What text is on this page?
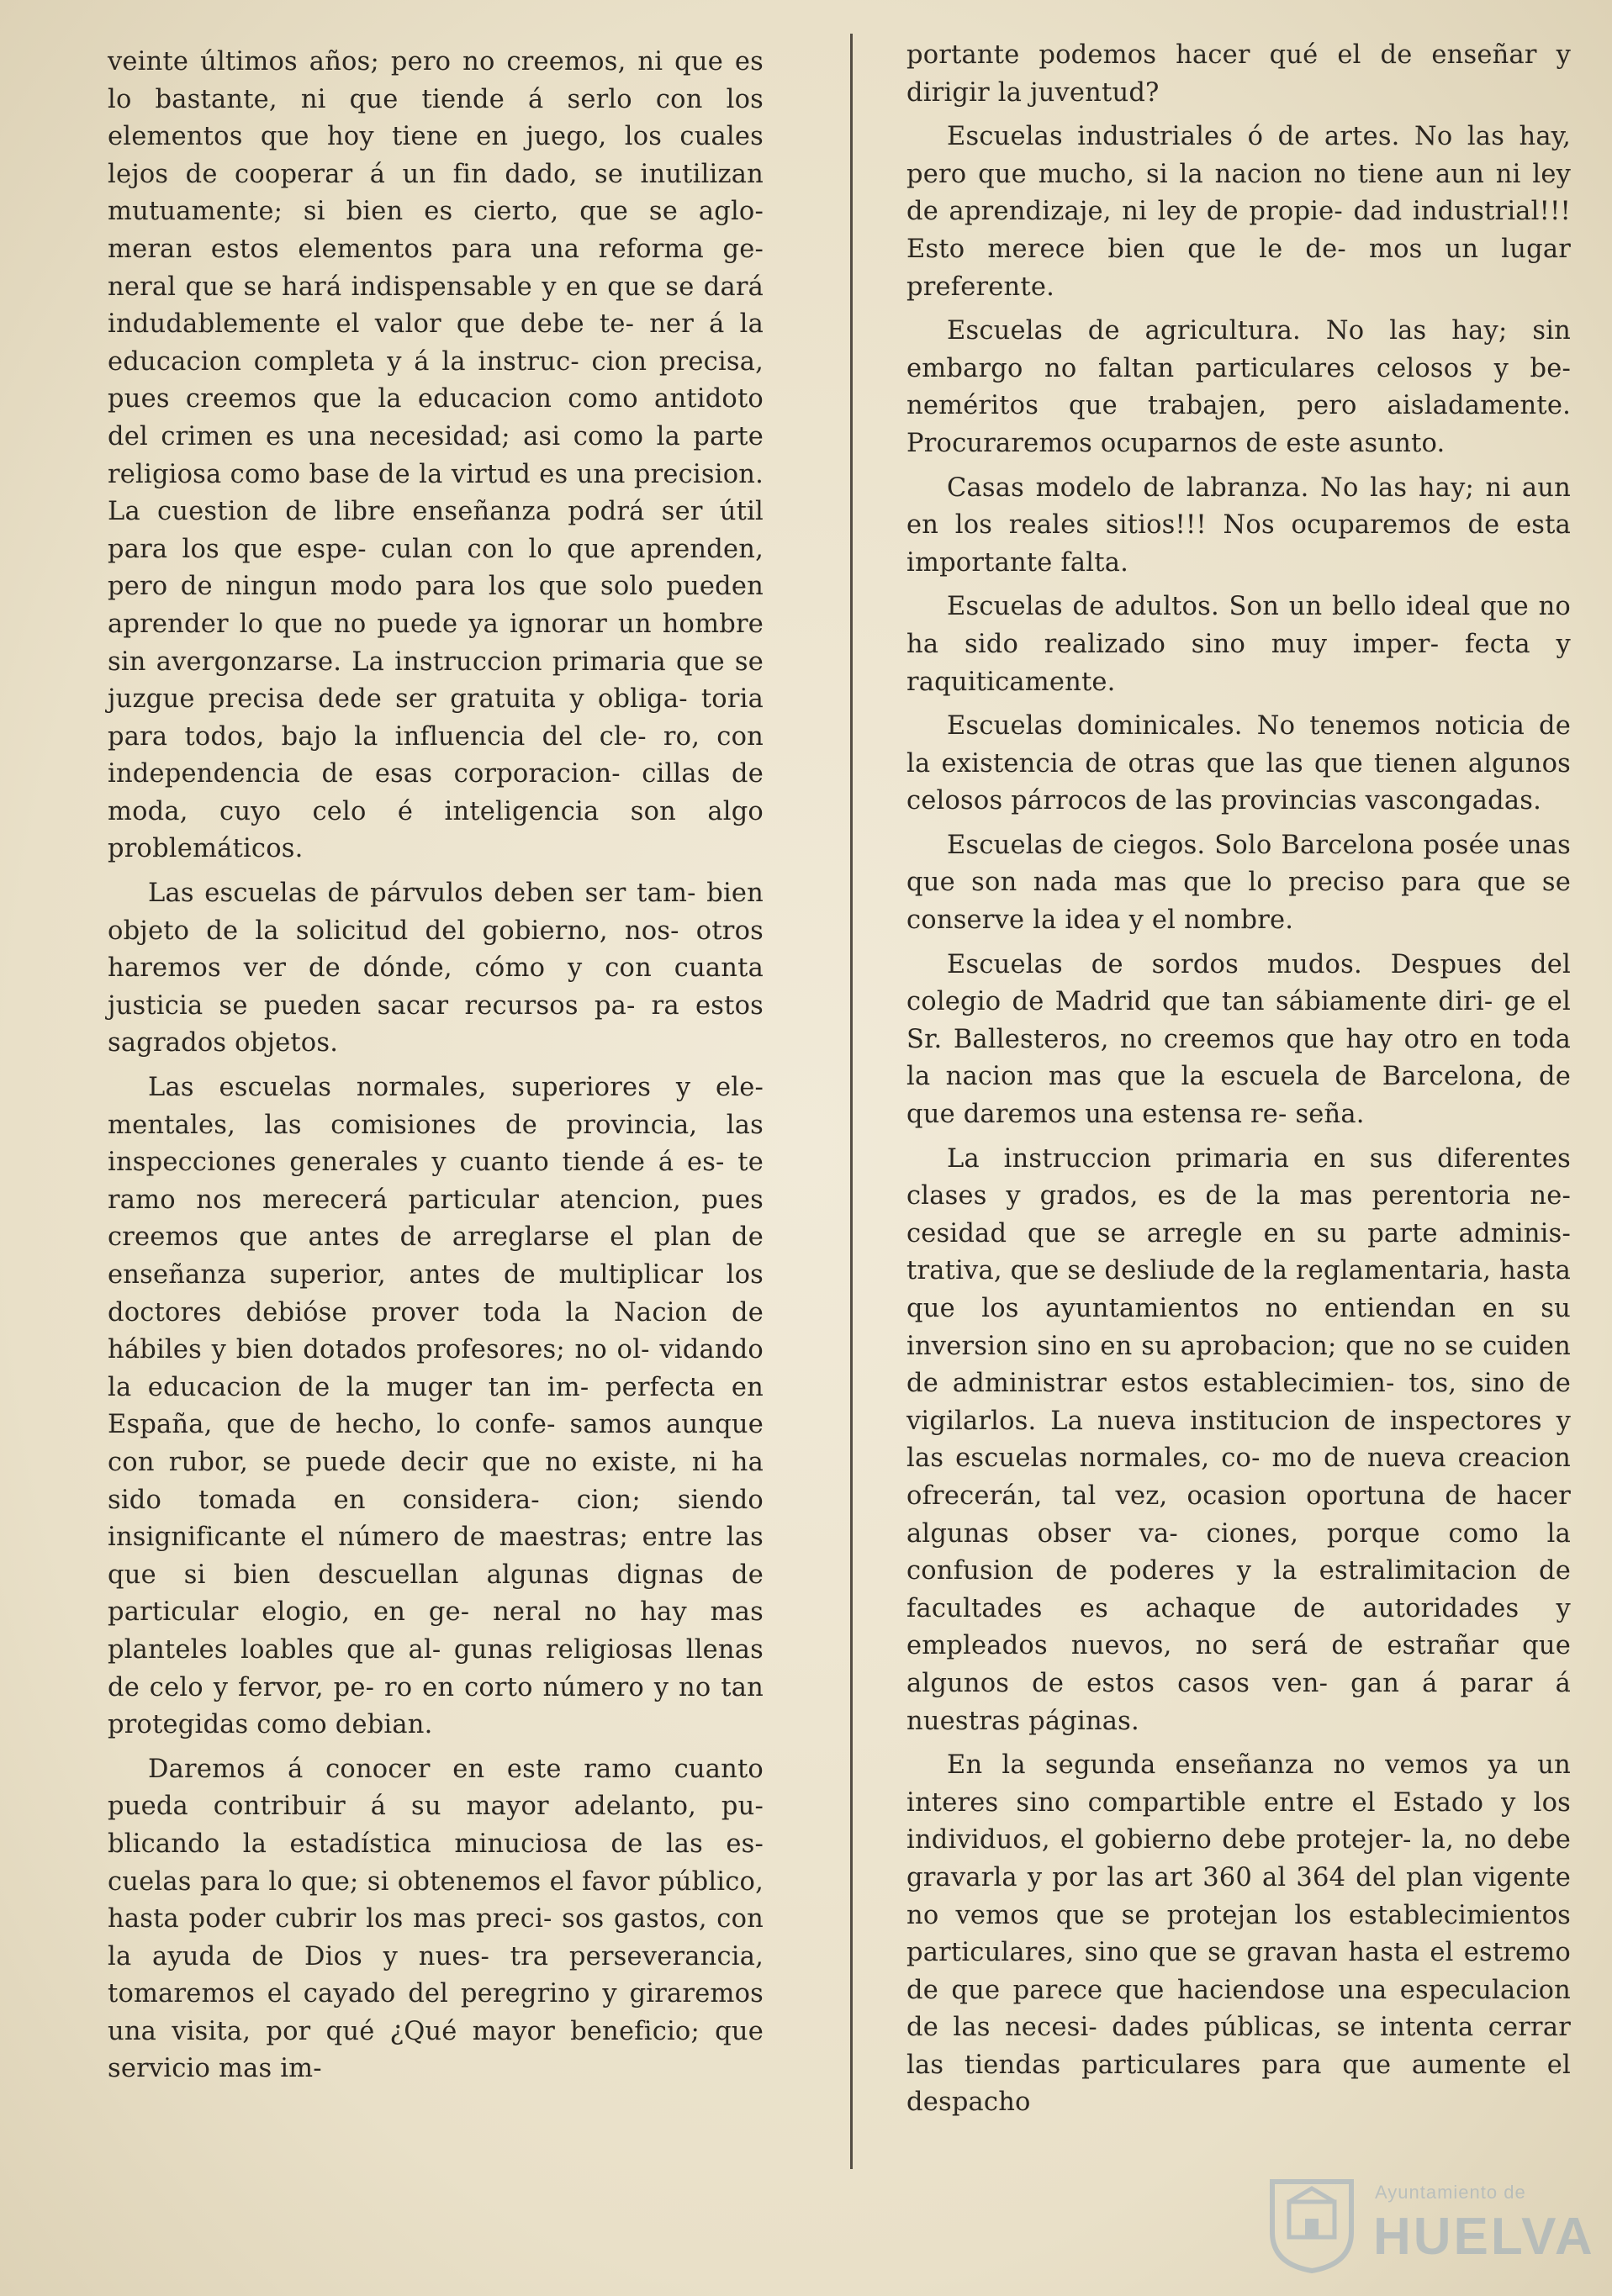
veinte últimos años; pero no creemos, ni que es lo bastante, ni que tiende á serlo con los elementos que hoy tiene en juego, los cuales lejos de cooperar á un fin dado, se inutilizan mutuamente; si bien es cierto, que se aglo- meran estos elementos para una reforma ge- neral que se hará indispensable y en que se dará indudablemente el valor que debe te- ner á la educacion completa y á la instruc- cion precisa, pues creemos que la educacion como antidoto del crimen es una necesidad; asi como la parte religiosa como base de la virtud es una precision. La cuestion de libre enseñanza podrá ser útil para los que espe- culan con lo que aprenden, pero de ningun modo para los que solo pueden aprender lo que no puede ya ignorar un hombre sin avergonzarse. La instruccion primaria que se juzgue precisa dede ser gratuita y obliga- toria para todos, bajo la influencia del cle- ro, con independencia de esas corporacion- cillas de moda, cuyo celo é inteligencia son algo problemáticos.

Las escuelas de párvulos deben ser tam- bien objeto de la solicitud del gobierno, nos- otros haremos ver de dónde, cómo y con cuanta justicia se pueden sacar recursos pa- ra estos sagrados objetos.

Las escuelas normales, superiores y ele- mentales, las comisiones de provincia, las inspecciones generales y cuanto tiende á es- te ramo nos merecerá particular atencion, pues creemos que antes de arreglarse el plan de enseñanza superior, antes de multiplicar los doctores debióse prover toda la Nacion de hábiles y bien dotados profesores; no ol- vidando la educacion de la muger tan im- perfecta en España, que de hecho, lo confe- samos aunque con rubor, se puede decir que no existe, ni ha sido tomada en considera- cion; siendo insignificante el número de maestras; entre las que si bien descuellan algunas dignas de particular elogio, en ge- neral no hay mas planteles loables que al- gunas religiosas llenas de celo y fervor, pe- ro en corto número y no tan protegidas como debian.

Daremos á conocer en este ramo cuanto pueda contribuir á su mayor adelanto, pu- blicando la estadística minuciosa de las es- cuelas para lo que; si obtenemos el favor público, hasta poder cubrir los mas preci- sos gastos, con la ayuda de Dios y nues- tra perseverancia, tomaremos el cayado del peregrino y giraremos una visita, por qué ¿Qué mayor beneficio; que servicio mas im-

portante podemos hacer qué el de enseñar y dirigir la juventud?

Escuelas industriales ó de artes. No las hay, pero que mucho, si la nacion no tiene aun ni ley de aprendizaje, ni ley de propie- dad industrial!!! Esto merece bien que le de- mos un lugar preferente.

Escuelas de agricultura. No las hay; sin embargo no faltan particulares celosos y be- neméritos que trabajen, pero aisladamente. Procuraremos ocuparnos de este asunto.

Casas modelo de labranza. No las hay; ni aun en los reales sitios!!! Nos ocuparemos de esta importante falta.

Escuelas de adultos. Son un bello ideal que no ha sido realizado sino muy imper- fecta y raquiticamente.

Escuelas dominicales. No tenemos noticia de la existencia de otras que las que tienen algunos celosos párrocos de las provincias vascongadas.

Escuelas de ciegos. Solo Barcelona posée unas que son nada mas que lo preciso para que se conserve la idea y el nombre.

Escuelas de sordos mudos. Despues del colegio de Madrid que tan sábiamente diri- ge el Sr. Ballesteros, no creemos que hay otro en toda la nacion mas que la escuela de Barcelona, de que daremos una estensa re- seña.

La instruccion primaria en sus diferentes clases y grados, es de la mas perentoria ne- cesidad que se arregle en su parte adminis- trativa, que se desliude de la reglamentaria, hasta que los ayuntamientos no entiendan en su inversion sino en su aprobacion; que no se cuiden de administrar estos establecimien- tos, sino de vigilarlos. La nueva institucion de inspectores y las escuelas normales, co- mo de nueva creacion ofrecerán, tal vez, ocasion oportuna de hacer algunas obser va- ciones, porque como la confusion de poderes y la estralimitacion de facultades es achaque de autoridades y empleados nuevos, no será de estrañar que algunos de estos casos ven- gan á parar á nuestras páginas.

En la segunda enseñanza no vemos ya un interes sino compartible entre el Estado y los individuos, el gobierno debe protejer- la, no debe gravarla y por las art 360 al 364 del plan vigente no vemos que se protejan los establecimientos particulares, sino que se gravan hasta el estremo de que parece que haciendose una especulacion de las necesi- dades públicas, se intenta cerrar las tiendas particulares para que aumente el despacho

Ayuntamiento de
HUELVA
